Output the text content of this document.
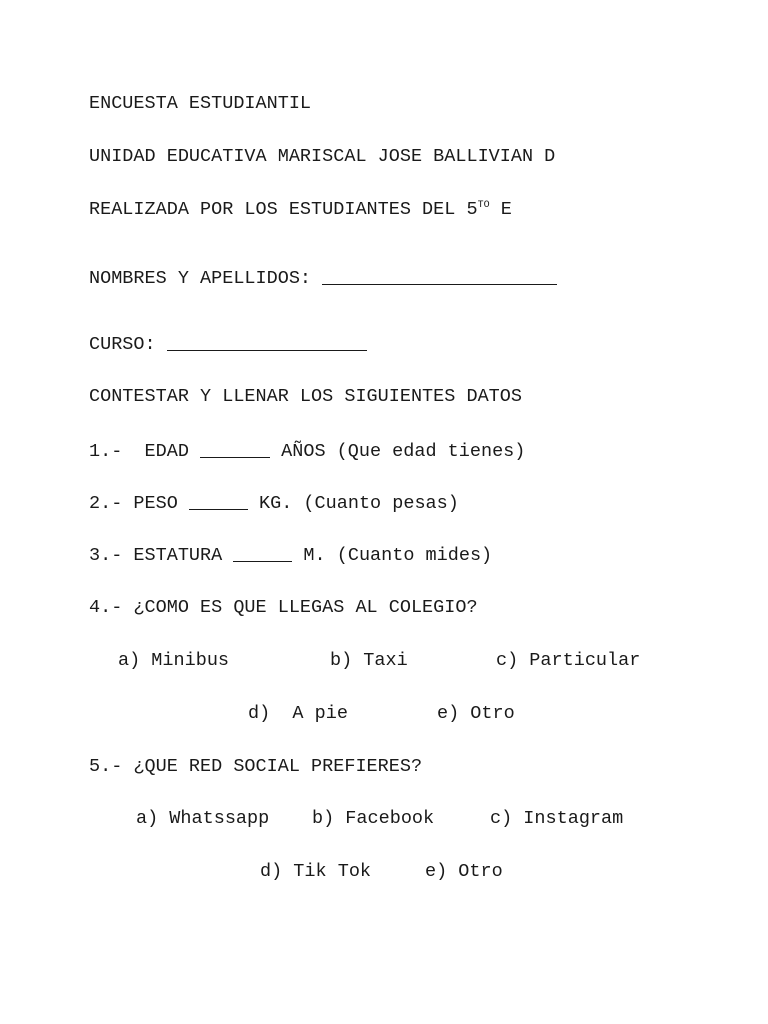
ENCUESTA ESTUDIANTIL

UNIDAD EDUCATIVA MARISCAL JOSE BALLIVIAN D

REALIZADA POR LOS ESTUDIANTES DEL $5^{TO}$ E

NOMBRES Y APELLIDOS:

CURSO:

CONTESTAR Y LLENAR LOS SIGUIENTES DATOS

1.-  EDAD	AÑOS (Que edad tienes)

2.- PESO	KG. (Cuanto pesas)

3.- ESTATURA	M. (Cuanto mides)

4.- ¿COMO ES QUE LLEGAS AL COLEGIO?

a) Minibus	b) Taxi	c) Particular
d)  A pie	e) Otro

5.- ¿QUE RED SOCIAL PREFIERES?

a) Whatssapp b) Facebook	c) Instagram
d) Tik Tok	e) Otro
